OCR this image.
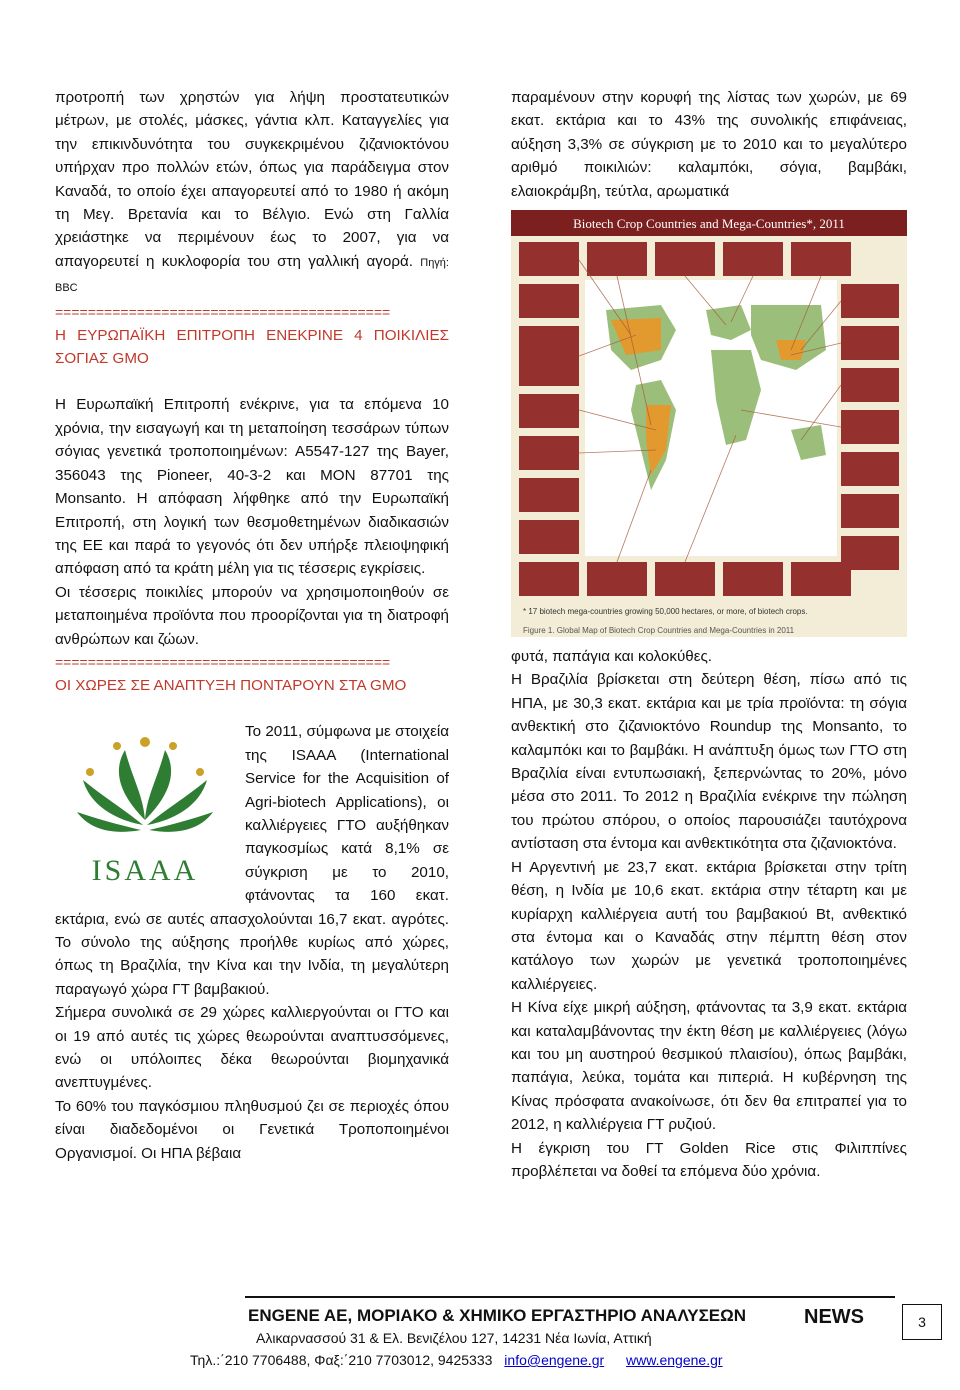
προτροπή των χρηστών για λήψη προστατευτικών μέτρων, με στολές, μάσκες, γάντια κλπ. Καταγγελίες για την επικινδυνότητα του συγκεκριμένου ζιζανιοκτόνου υπήρχαν προ πολλών ετών, όπως για παράδειγμα στον Καναδά, το οποίο έχει απαγορευτεί από το 1980 ή ακόμη τη Μεγ. Βρετανία και το Βέλγιο. Ενώ στη Γαλλία χρειάστηκε να περιμένουν έως το 2007, για να απαγορευτεί η κυκλοφορία του στη γαλλική αγορά. Πηγή: BBC

=========================================

Η ΕΥΡΩΠΑΪΚΗ ΕΠΙΤΡΟΠΗ ΕΝΕΚΡΙΝΕ 4 ΠΟΙΚΙΛΙΕΣ ΣΟΓΙΑΣ GMO

Η Ευρωπαϊκή Επιτροπή ενέκρινε, για τα επόμενα 10 χρόνια, την εισαγωγή και τη μεταποίηση τεσσάρων τύπων σόγιας γενετικά τροποποιημένων: A5547-127 της Bayer, 356043 της Pioneer, 40-3-2 και MON 87701 της Monsanto. Η απόφαση λήφθηκε από την Ευρωπαϊκή Επιτροπή, στη λογική των θεσμοθετημένων διαδικασιών της ΕΕ και παρά το γεγονός ότι δεν υπήρξε πλειοψηφική απόφαση από τα κράτη μέλη για τις τέσσερις εγκρίσεις.

Οι τέσσερις ποικιλίες μπορούν να χρησιμοποιηθούν σε μεταποιημένα προϊόντα που προορίζονται για τη διατροφή ανθρώπων και ζώων.

=========================================

ΟΙ ΧΩΡΕΣ ΣΕ ΑΝΑΠΤΥΞΗ ΠΟΝΤΑΡΟΥΝ ΣΤΑ GMO

ISAAA

Το 2011, σύμφωνα με στοιχεία της ISAAA (International Service for the Acquisition of Agri-biotech Applications), οι καλλιέργειες ΓΤΟ αυξήθηκαν παγκοσμίως κατά 8,1% σε σύγκριση με το 2010, φτάνοντας τα 160 εκατ. εκτάρια, ενώ σε αυτές απασχολούνται 16,7 εκατ. αγρότες. Το σύνολο της αύξησης προήλθε κυρίως από χώρες, όπως τη Βραζιλία, την Κίνα και την Ινδία, τη μεγαλύτερη παραγωγό χώρα ΓΤ βαμβακιού.

Σήμερα συνολικά σε 29 χώρες καλλιεργούνται οι ΓΤΟ και οι 19 από αυτές τις χώρες θεωρούνται αναπτυσσόμενες, ενώ οι υπόλοιπες δέκα θεωρούνται βιομηχανικά ανεπτυγμένες.

Το 60% του παγκόσμιου πληθυσμού ζει σε περιοχές όπου είναι διαδεδομένοι οι Γενετικά Τροποποιημένοι Οργανισμοί. Οι ΗΠΑ βέβαια

παραμένουν στην κορυφή της λίστας των χωρών, με 69 εκατ. εκτάρια και το 43% της συνολικής επιφάνειας, αύξηση 3,3% σε σύγκριση με το 2010 και το μεγαλύτερο αριθμό ποικιλιών: καλαμπόκι, σόγια, βαμβάκι, ελαιοκράμβη, τεύτλα, αρωματικά

Biotech Crop Countries and Mega-Countries*, 2011
* 17 biotech mega-countries growing 50,000 hectares, or more, of biotech crops.
Figure 1. Global Map of Biotech Crop Countries and Mega-Countries in 2011

φυτά, παπάγια και κολοκύθες.

Η Βραζιλία βρίσκεται στη δεύτερη θέση, πίσω από τις ΗΠΑ, με 30,3 εκατ. εκτάρια και με τρία προϊόντα: τη σόγια ανθεκτική στο ζιζανιοκτόνο Roundup της Monsanto, το καλαμπόκι και το βαμβάκι. Η ανάπτυξη όμως των ΓΤΟ στη Βραζιλία είναι εντυπωσιακή, ξεπερνώντας το 20%, μόνο μέσα στο 2011. Το 2012 η Βραζιλία ενέκρινε την πώληση του πρώτου σπόρου, ο οποίος παρουσιάζει ταυτόχρονα αντίσταση στα έντομα και ανθεκτικότητα στα ζιζανιοκτόνα.

Η Αργεντινή με 23,7 εκατ. εκτάρια βρίσκεται στην τρίτη θέση, η Ινδία με 10,6 εκατ. εκτάρια στην τέταρτη και με κυρίαρχη καλλιέργεια αυτή του βαμβακιού Bt, ανθεκτικό στα έντομα και ο Καναδάς στην πέμπτη θέση στον κατάλογο των χωρών με γενετικά τροποποιημένες καλλιέργειες.

Η Κίνα είχε μικρή αύξηση, φτάνοντας τα 3,9 εκατ. εκτάρια και καταλαμβάνοντας την έκτη θέση με καλλιέργειες (λόγω και του μη αυστηρού θεσμικού πλαισίου), όπως βαμβάκι, παπάγια, λεύκα, τομάτα και πιπεριά. Η κυβέρνηση της Κίνας πρόσφατα ανακοίνωσε, ότι δεν θα επιτραπεί για το 2012, η καλλιέργεια ΓΤ ρυζιού.

Η έγκριση του ΓΤ Golden Rice στις Φιλιππίνες προβλέπεται να δοθεί τα επόμενα δύο χρόνια.

ENGENE AE, ΜΟΡΙΑΚΟ & ΧΗΜΙΚΟ ΕΡΓΑΣΤΗΡΙΟ ΑΝΑΛΥΣΕΩΝ	NEWS	3
Αλικαρνασσού 31 & Ελ. Βενιζέλου 127, 14231 Νέα Ιωνία, Αττική
Τηλ.:΄210 7706488, Φαξ:΄210 7703012, 9425333 info@engene.gr www.engene.gr
